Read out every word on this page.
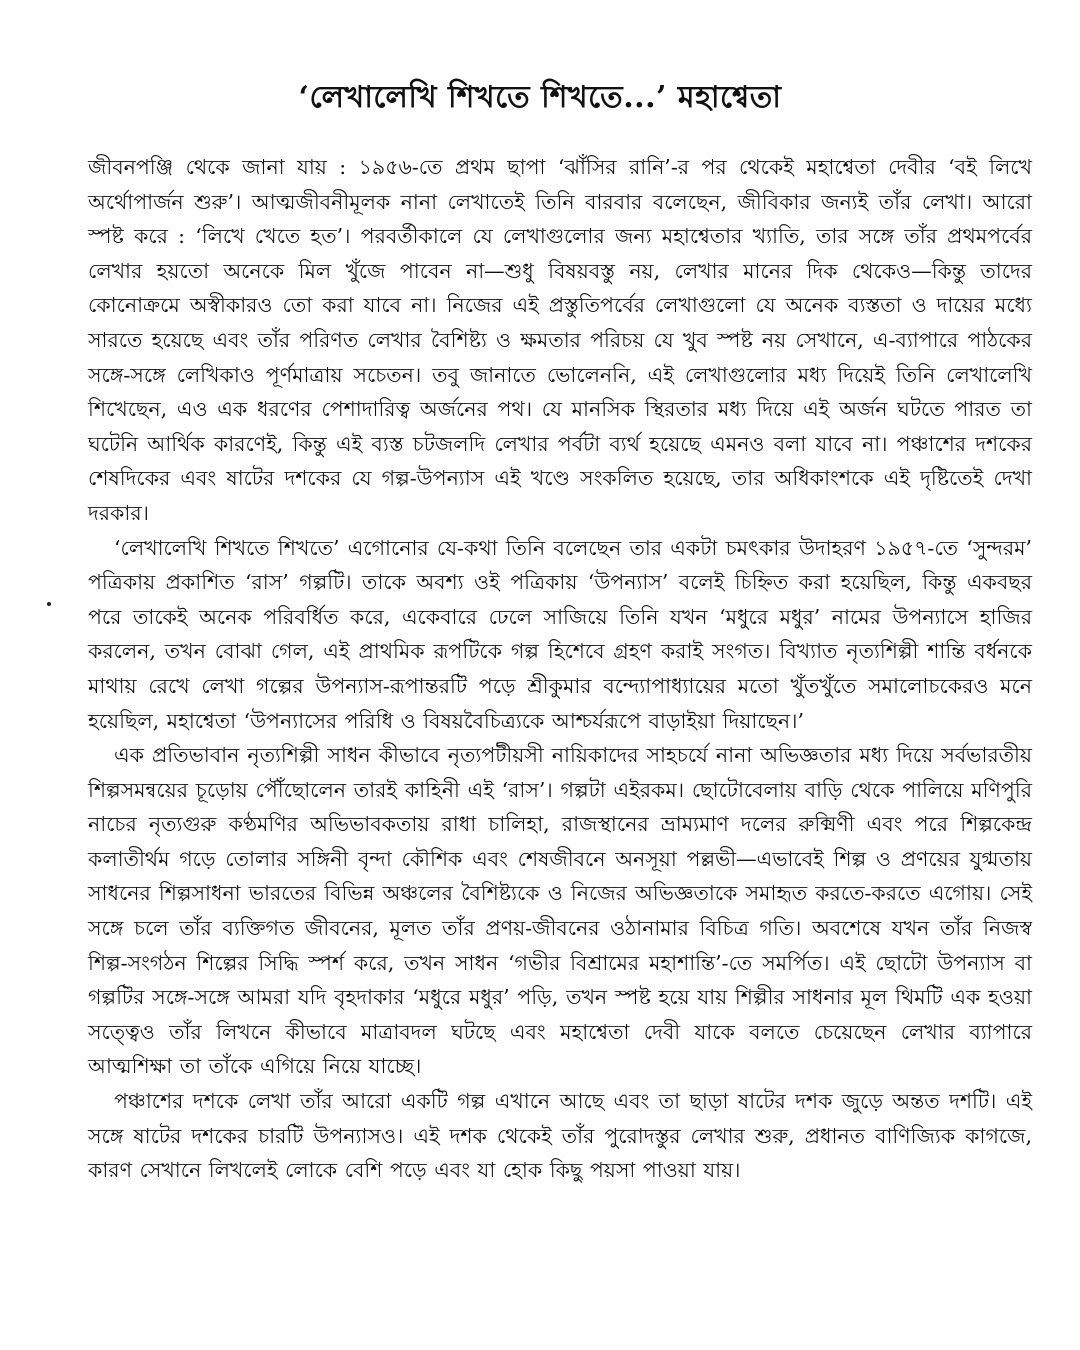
‘লেখালেখি শিখতে শিখতে...’ মহাশ্বেতা

জীবনপঞ্জি থেকে জানা যায় : ১৯৫৬-তে প্রথম ছাপা ‘ঝাঁসির রানি’-র পর থেকেই মহাশ্বেতা দেবীর ‘বই লিখে অর্থোপার্জন শুরু’। আত্মজীবনীমূলক নানা লেখাতেই তিনি বারবার বলেছেন, জীবিকার জন্যই তাঁর লেখা। আরো স্পষ্ট করে : ‘লিখে খেতে হত’। পরবর্তীকালে যে লেখাগুলোর জন্য মহাশ্বেতার খ্যাতি, তার সঙ্গে তাঁর প্রথমপর্বের লেখার হয়তো অনেকে মিল খুঁজে পাবেন না—শুধু বিষয়বস্তু নয়, লেখার মানের দিক থেকেও—কিন্তু তাদের কোনোক্রমে অস্বীকারও তো করা যাবে না। নিজের এই প্রস্তুতিপর্বের লেখাগুলো যে অনেক ব্যস্ততা ও দায়ের মধ্যে সারতে হয়েছে এবং তাঁর পরিণত লেখার বৈশিষ্ট্য ও ক্ষমতার পরিচয় যে খুব স্পষ্ট নয় সেখানে, এ-ব্যাপারে পাঠকের সঙ্গে-সঙ্গে লেখিকাও পূর্ণমাত্রায় সচেতন। তবু জানাতে ভোলেননি, এই লেখাগুলোর মধ্য দিয়েই তিনি লেখালেখি শিখেছেন, এও এক ধরণের পেশাদারিত্ব অর্জনের পথ। যে মানসিক স্থিরতার মধ্য দিয়ে এই অর্জন ঘটতে পারত তা ঘটেনি আর্থিক কারণেই, কিন্তু এই ব্যস্ত চটজলদি লেখার পর্বটা ব্যর্থ হয়েছে এমনও বলা যাবে না। পঞ্চাশের দশকের শেষদিকের এবং ষাটের দশকের যে গল্প-উপন্যাস এই খণ্ডে সংকলিত হয়েছে, তার অধিকাংশকে এই দৃষ্টিতেই দেখা দরকার।

‘লেখালেখি শিখতে শিখতে’ এগোনোর যে-কথা তিনি বলেছেন তার একটা চমৎকার উদাহরণ ১৯৫৭-তে ‘সুন্দরম’ পত্রিকায় প্রকাশিত ‘রাস’ গল্পটি। তাকে অবশ্য ওই পত্রিকায় ‘উপন্যাস’ বলেই চিহ্নিত করা হয়েছিল, কিন্তু একবছর পরে তাকেই অনেক পরিবর্ধিত করে, একেবারে ঢেলে সাজিয়ে তিনি যখন ‘মধুরে মধুর’ নামের উপন্যাসে হাজির করলেন, তখন বোঝা গেল, এই প্রাথমিক রূপটিকে গল্প হিশেবে গ্রহণ করাই সংগত। বিখ্যাত নৃত্যশিল্পী শান্তি বর্ধনকে মাথায় রেখে লেখা গল্পের উপন্যাস-রূপান্তরটি পড়ে শ্রীকুমার বন্দ্যোপাধ্যায়ের মতো খুঁতখুঁতে সমালোচকেরও মনে হয়েছিল, মহাশ্বেতা ‘উপন্যাসের পরিধি ও বিষয়বৈচিত্র্যকে আশ্চর্যরূপে বাড়াইয়া দিয়াছেন।’

এক প্রতিভাবান নৃত্যশিল্পী সাধন কীভাবে নৃত্যপটীয়সী নায়িকাদের সাহচর্যে নানা অভিজ্ঞতার মধ্য দিয়ে সর্বভারতীয় শিল্পসমন্বয়ের চূড়োয় পৌঁছোলেন তারই কাহিনী এই ‘রাস’। গল্পটা এইরকম। ছোটোবেলায় বাড়ি থেকে পালিয়ে মণিপুরি নাচের নৃত্যগুরু কণ্ঠমণির অভিভাবকতায় রাধা চালিহা, রাজস্থানের ভ্রাম্যমাণ দলের রুক্মিণী এবং পরে শিল্পকেন্দ্র কলাতীর্থম গড়ে তোলার সঙ্গিনী বৃন্দা কৌশিক এবং শেষজীবনে অনসূয়া পল্লভী—এভাবেই শিল্প ও প্রণয়ের যুগ্মতায় সাধনের শিল্পসাধনা ভারতের বিভিন্ন অঞ্চলের বৈশিষ্ট্যকে ও নিজের অভিজ্ঞতাকে সমাহৃত করতে-করতে এগোয়। সেই সঙ্গে চলে তাঁর ব্যক্তিগত জীবনের, মূলত তাঁর প্রণয়-জীবনের ওঠানামার বিচিত্র গতি। অবশেষে যখন তাঁর নিজস্ব শিল্প-সংগঠন শিল্পের সিদ্ধি স্পর্শ করে, তখন সাধন ‘গভীর বিশ্রামের মহাশান্তি’-তে সমর্পিত। এই ছোটো উপন্যাস বা গল্পটির সঙ্গে-সঙ্গে আমরা যদি বৃহদাকার ‘মধুরে মধুর’ পড়ি, তখন স্পষ্ট হয়ে যায় শিল্পীর সাধনার মূল থিমটি এক হওয়া সত্ত্বেও তাঁর লিখনে কীভাবে মাত্রাবদল ঘটছে এবং মহাশ্বেতা দেবী যাকে বলতে চেয়েছেন লেখার ব্যাপারে আত্মশিক্ষা তা তাঁকে এগিয়ে নিয়ে যাচ্ছে।

পঞ্চাশের দশকে লেখা তাঁর আরো একটি গল্প এখানে আছে এবং তা ছাড়া ষাটের দশক জুড়ে অন্তত দশটি। এই সঙ্গে ষাটের দশকের চারটি উপন্যাসও। এই দশক থেকেই তাঁর পুরোদস্তুর লেখার শুরু, প্রধানত বাণিজ্যিক কাগজে, কারণ সেখানে লিখলেই লোকে বেশি পড়ে এবং যা হোক কিছু পয়সা পাওয়া যায়।
